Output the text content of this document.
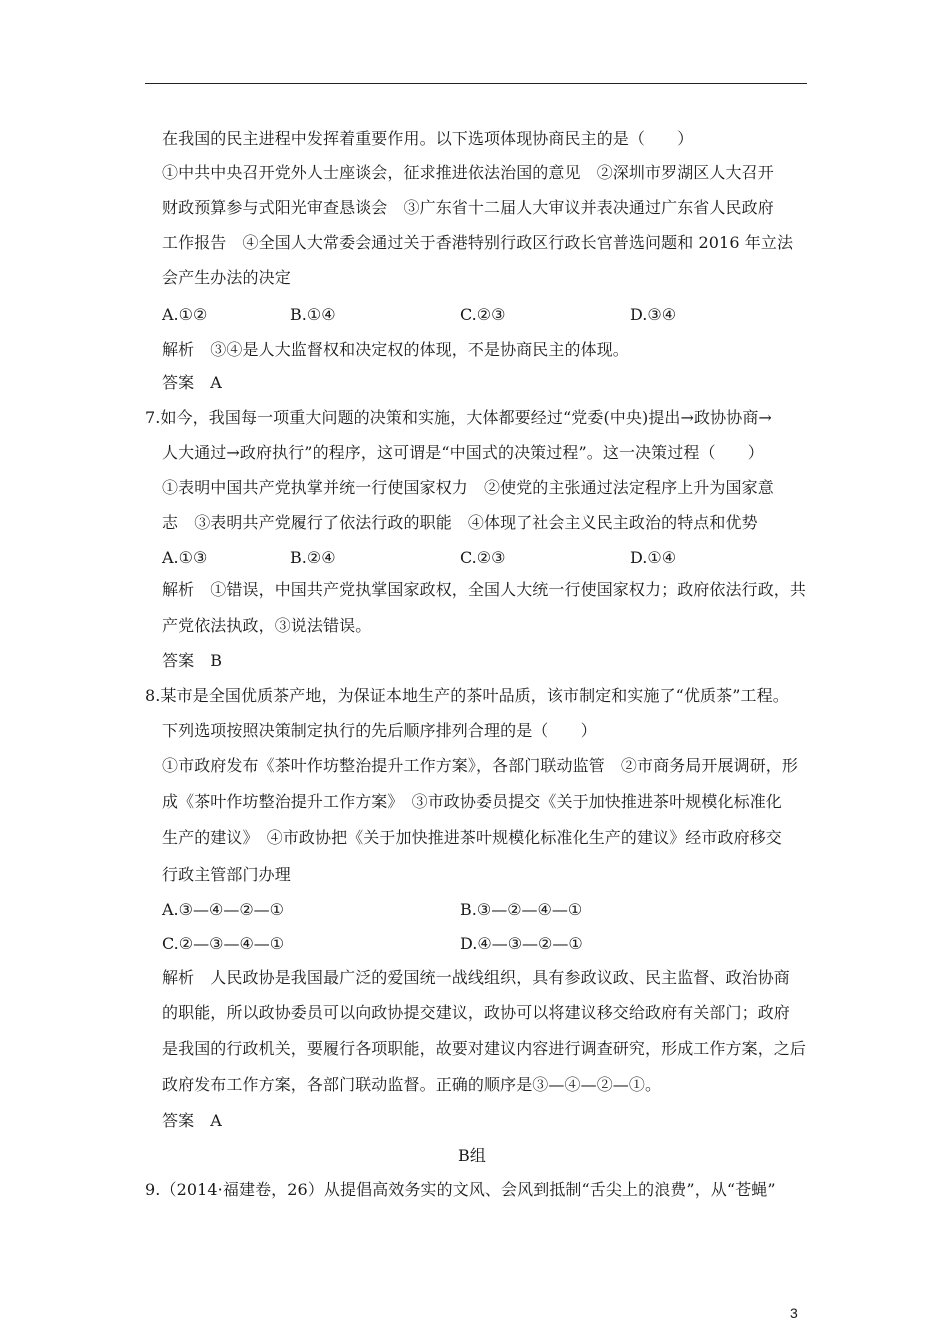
在我国的民主进程中发挥着重要作用。以下选项体现协商民主的是（　　）
①中共中央召开党外人士座谈会，征求推进依法治国的意见　②深圳市罗湖区人大召开
财政预算参与式阳光审查恳谈会　③广东省十二届人大审议并表决通过广东省人民政府
工作报告　④全国人大常委会通过关于香港特别行政区行政长官普选问题和 2016 年立法
会产生办法的决定
A.①②	B.①④	C.②③	D.③④
解析　③④是人大监督权和决定权的体现，不是协商民主的体现。
答案　A
7.如今，我国每一项重大问题的决策和实施，大体都要经过“党委(中央)提出→政协协商→
人大通过→政府执行”的程序，这可谓是“中国式的决策过程”。这一决策过程（　　）
①表明中国共产党执掌并统一行使国家权力　②使党的主张通过法定程序上升为国家意
志　③表明共产党履行了依法行政的职能　④体现了社会主义民主政治的特点和优势
A.①③	B.②④	C.②③	D.①④
解析　①错误，中国共产党执掌国家政权，全国人大统一行使国家权力；政府依法行政，共
产党依法执政，③说法错误。
答案　B
8.某市是全国优质茶产地，为保证本地生产的茶叶品质，该市制定和实施了“优质茶”工程。
下列选项按照决策制定执行的先后顺序排列合理的是（　　）
①市政府发布《茶叶作坊整治提升工作方案》，各部门联动监管　②市商务局开展调研，形
成《茶叶作坊整治提升工作方案》　③市政协委员提交《关于加快推进茶叶规模化标准化
生产的建议》　④市政协把《关于加快推进茶叶规模化标准化生产的建议》经市政府移交
行政主管部门办理
A.③—④—②—①	B.③—②—④—①
C.②—③—④—①	D.④—③—②—①
解析　人民政协是我国最广泛的爱国统一战线组织，具有参政议政、民主监督、政治协商
的职能，所以政协委员可以向政协提交建议，政协可以将建议移交给政府有关部门；政府
是我国的行政机关，要履行各项职能，故要对建议内容进行调查研究，形成工作方案，之后
政府发布工作方案，各部门联动监督。正确的顺序是③—④—②—①。
答案　A
B组
9.（2014·福建卷，26）从提倡高效务实的文风、会风到抵制“舌尖上的浪费”，从“苍蝇”
3
